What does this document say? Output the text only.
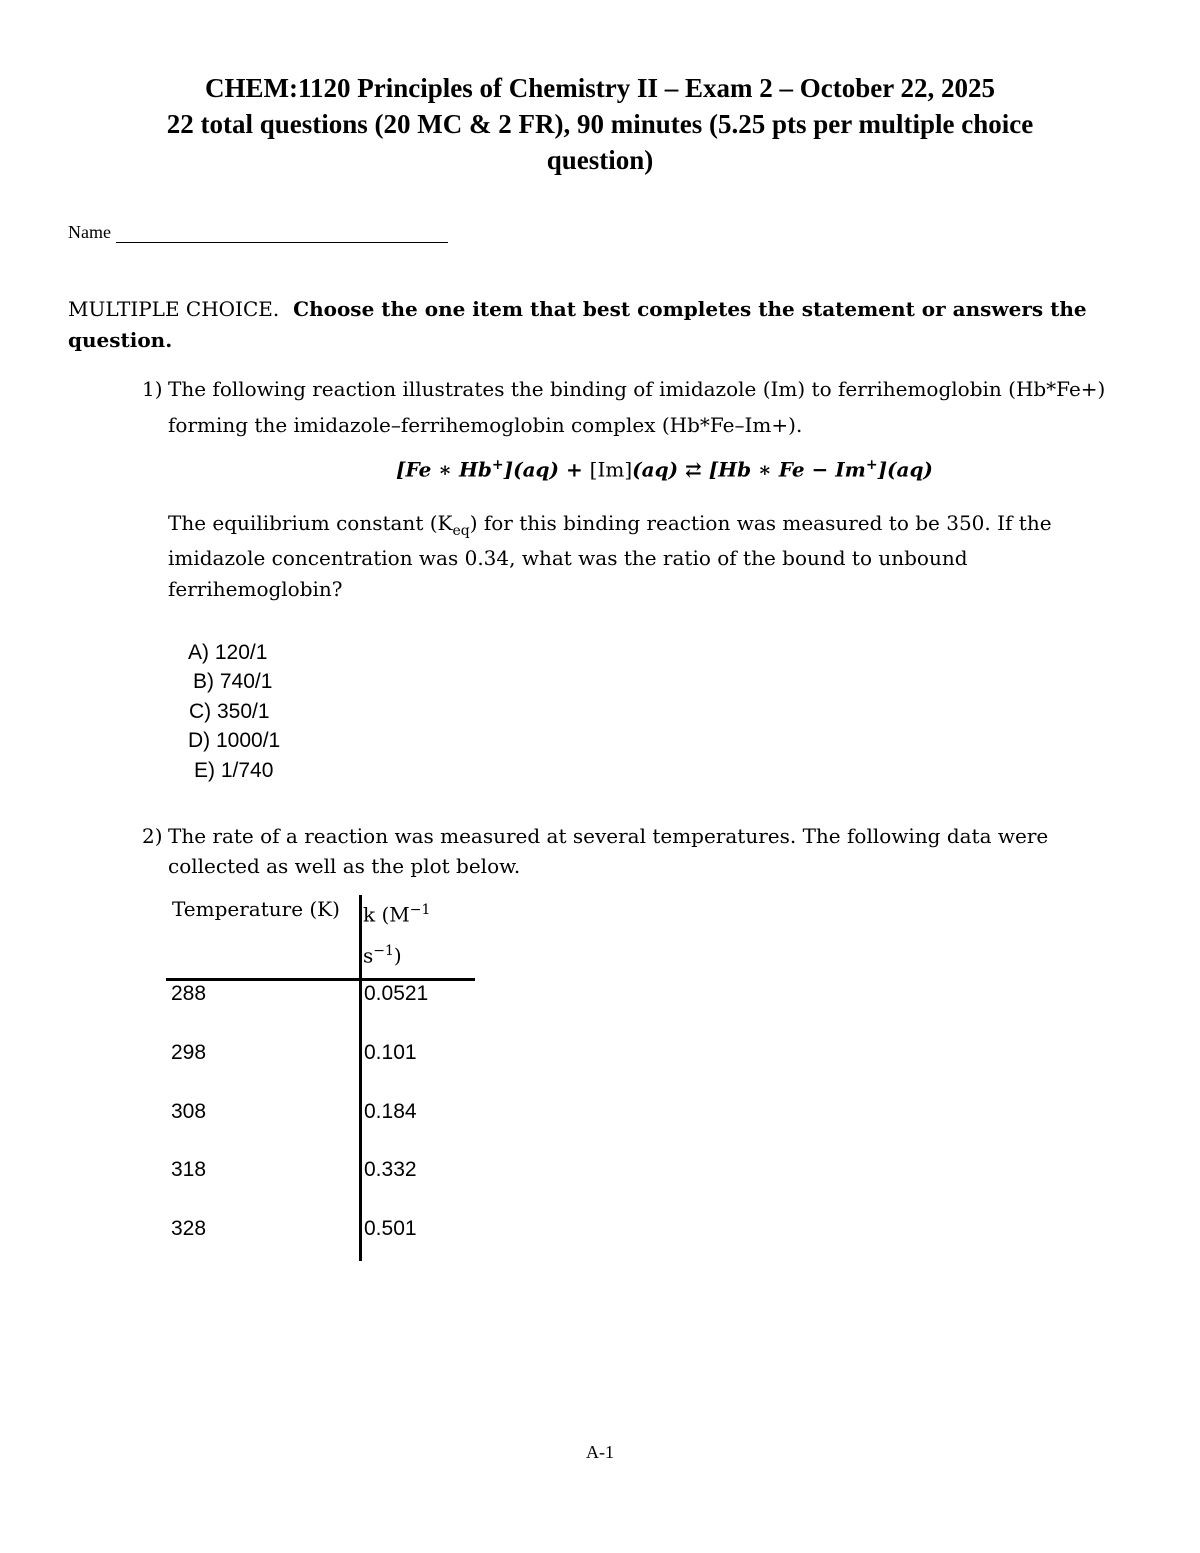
CHEM:1120 Principles of Chemistry II – Exam 2 – October 22, 2025
22 total questions (20 MC & 2 FR), 90 minutes (5.25 pts per multiple choice
question)
Name
MULTIPLE CHOICE. Choose the one item that best completes the statement or answers the
question.
1) The following reaction illustrates the binding of imidazole (Im) to ferrihemoglobin (Hb*Fe+)
forming the imidazole–ferrihemoglobin complex (Hb*Fe–Im+).
[Fe ∗ Hb+](aq) + [Im](aq) ⇄ [Hb ∗ Fe − Im+](aq)
The equilibrium constant $(K_{eq})$ for this binding reaction was measured to be 350. If the
imidazole concentration was 0.34, what was the ratio of the bound to unbound
ferrihemoglobin?
A) 120/1
B) 740/1
C) 350/1
D) 1000/1
E) 1/740
2) The rate of a reaction was measured at several temperatures. The following data were
collected as well as the plot below.
Temperature (K) k ($M^{-1}$
$s^{-1}$)
288	0.0521
298	0.101
308	0.184
318	0.332
328	0.501
A-1
